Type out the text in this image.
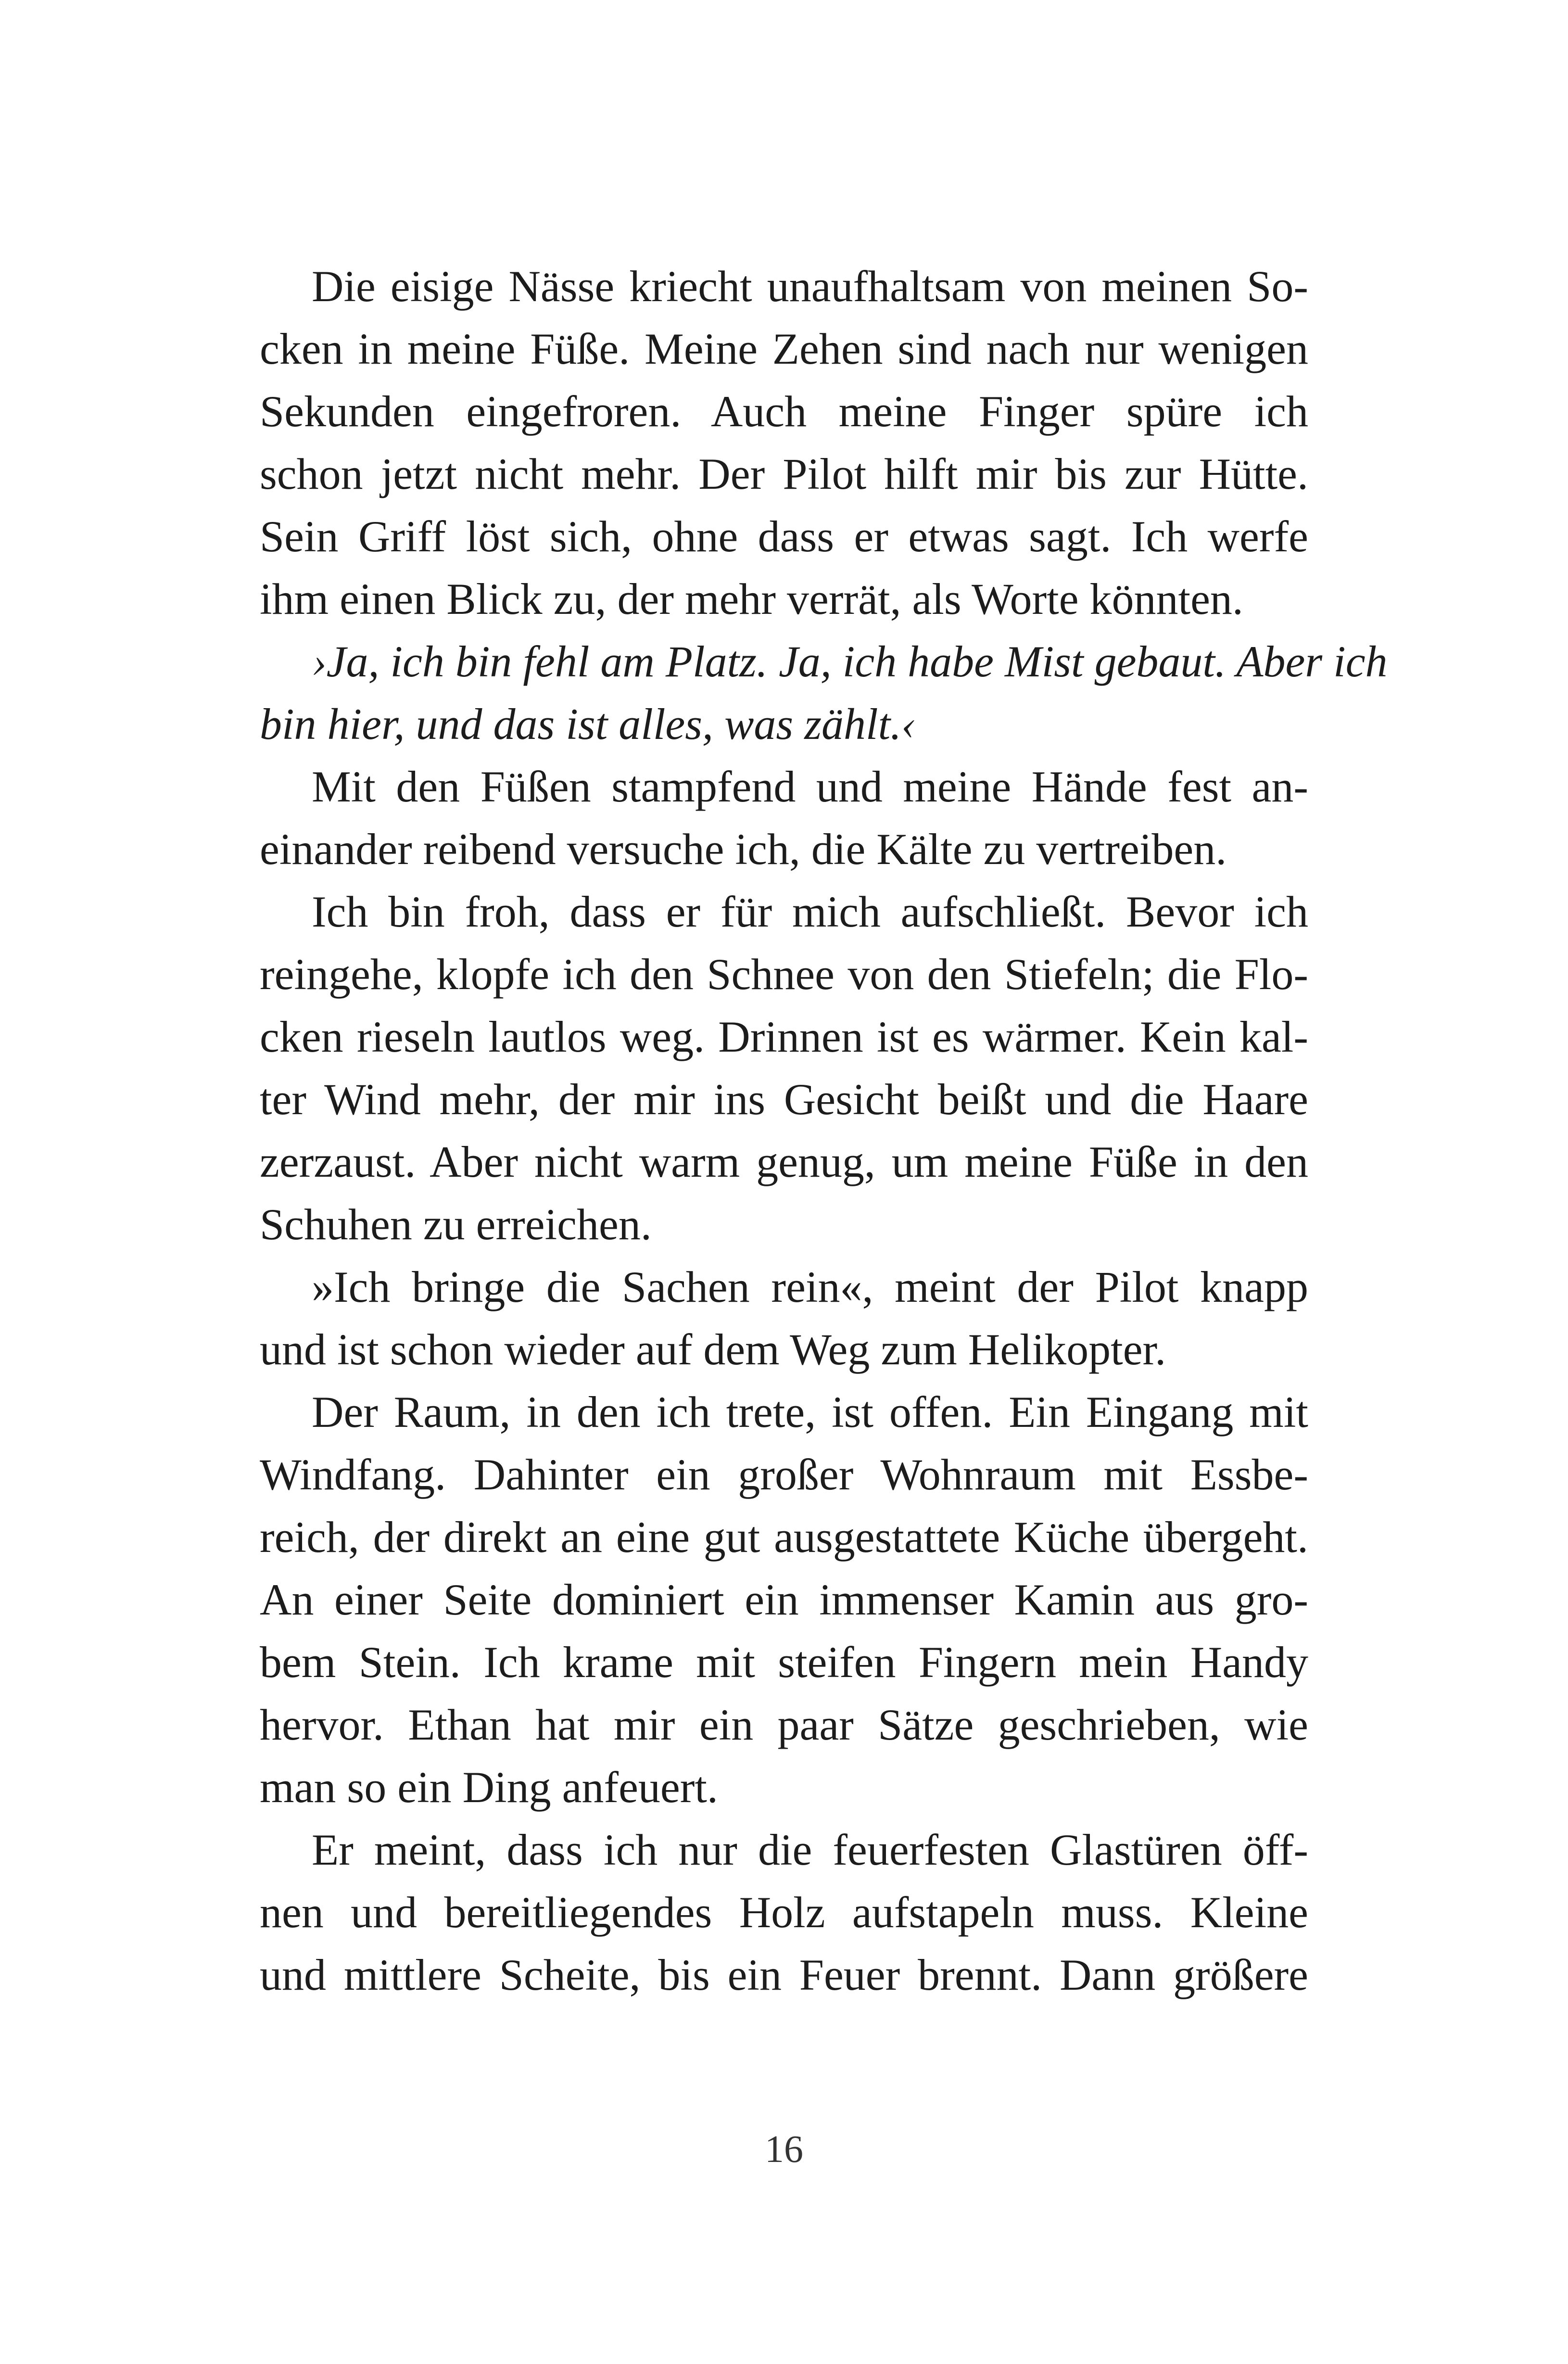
Die eisige Nässe kriecht unaufhaltsam von meinen So-
cken in meine Füße. Meine Zehen sind nach nur wenigen
Sekunden eingefroren. Auch meine Finger spüre ich
schon jetzt nicht mehr. Der Pilot hilft mir bis zur Hütte.
Sein Griff löst sich, ohne dass er etwas sagt. Ich werfe
ihm einen Blick zu, der mehr verrät, als Worte könnten.
›Ja, ich bin fehl am Platz. Ja, ich habe Mist gebaut. Aber ich
bin hier, und das ist alles, was zählt.‹
Mit den Füßen stampfend und meine Hände fest an-
einander reibend versuche ich, die Kälte zu vertreiben.
Ich bin froh, dass er für mich aufschließt. Bevor ich
reingehe, klopfe ich den Schnee von den Stiefeln; die Flo-
cken rieseln lautlos weg. Drinnen ist es wärmer. Kein kal-
ter Wind mehr, der mir ins Gesicht beißt und die Haare
zerzaust. Aber nicht warm genug, um meine Füße in den
Schuhen zu erreichen.
»Ich bringe die Sachen rein«, meint der Pilot knapp
und ist schon wieder auf dem Weg zum Helikopter.
Der Raum, in den ich trete, ist offen. Ein Eingang mit
Windfang. Dahinter ein großer Wohnraum mit Essbe-
reich, der direkt an eine gut ausgestattete Küche übergeht.
An einer Seite dominiert ein immenser Kamin aus gro-
bem Stein. Ich krame mit steifen Fingern mein Handy
hervor. Ethan hat mir ein paar Sätze geschrieben, wie
man so ein Ding anfeuert.
Er meint, dass ich nur die feuerfesten Glastüren öff-
nen und bereitliegendes Holz aufstapeln muss. Kleine
und mittlere Scheite, bis ein Feuer brennt. Dann größere
16
